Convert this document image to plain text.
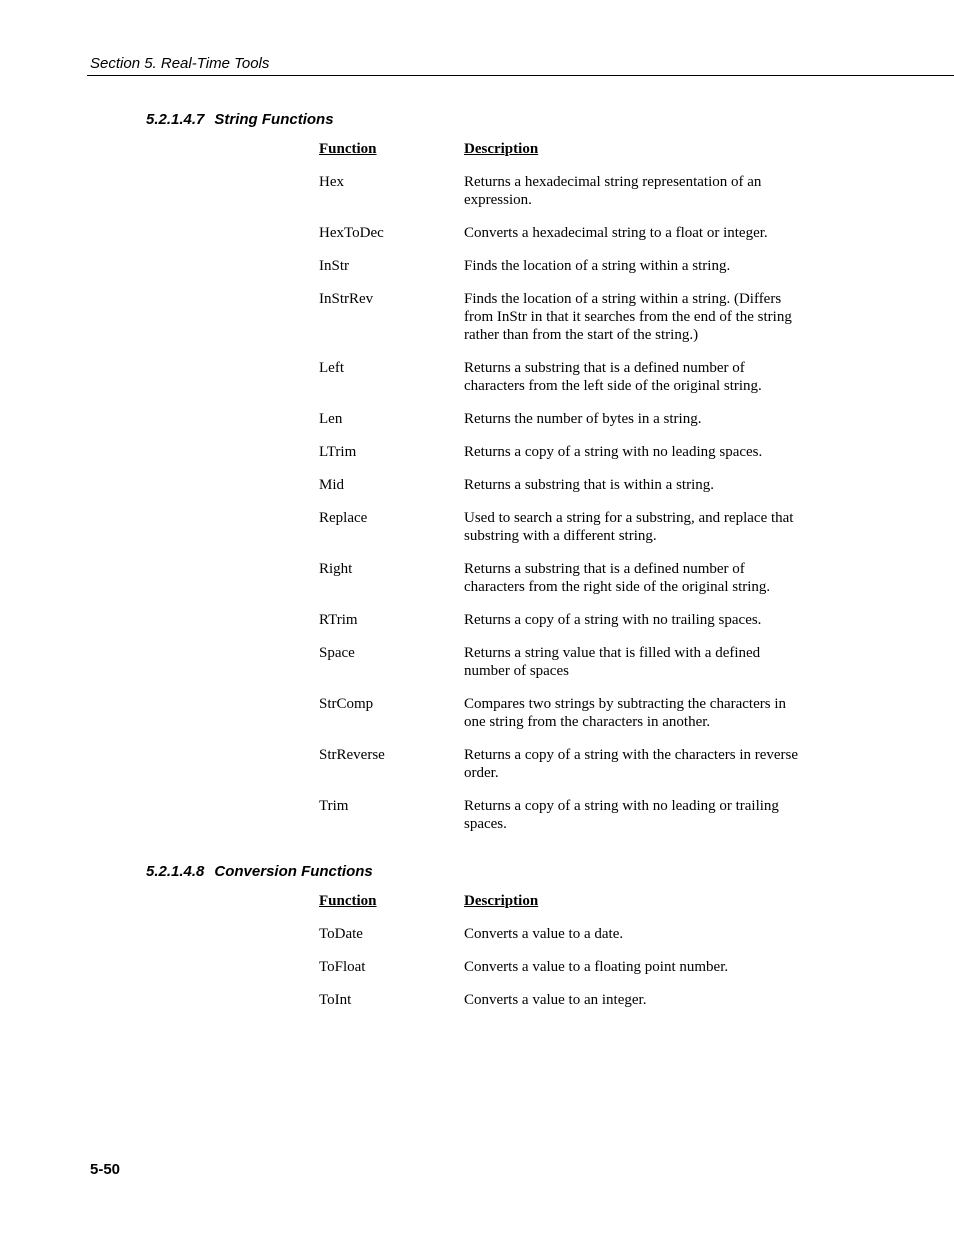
Section 5. Real-Time Tools
5.2.1.4.7 String Functions
Function	Description
Hex	Returns a hexadecimal string representation of an
expression.
HexToDec	Converts a hexadecimal string to a float or integer.
InStr	Finds the location of a string within a string.
InStrRev	Finds the location of a string within a string. (Differs
from InStr in that it searches from the end of the string
rather than from the start of the string.)
Left	Returns a substring that is a defined number of
characters from the left side of the original string.
Len	Returns the number of bytes in a string.
LTrim	Returns a copy of a string with no leading spaces.
Mid	Returns a substring that is within a string.
Replace	Used to search a string for a substring, and replace that
substring with a different string.
Right	Returns a substring that is a defined number of
characters from the right side of the original string.
RTrim	Returns a copy of a string with no trailing spaces.
Space	Returns a string value that is filled with a defined
number of spaces
StrComp	Compares two strings by subtracting the characters in
one string from the characters in another.
StrReverse	Returns a copy of a string with the characters in reverse
order.
Trim	Returns a copy of a string with no leading or trailing
spaces.
5.2.1.4.8 Conversion Functions
Function	Description
ToDate	Converts a value to a date.
ToFloat	Converts a value to a floating point number.
ToInt	Converts a value to an integer.
5-50
